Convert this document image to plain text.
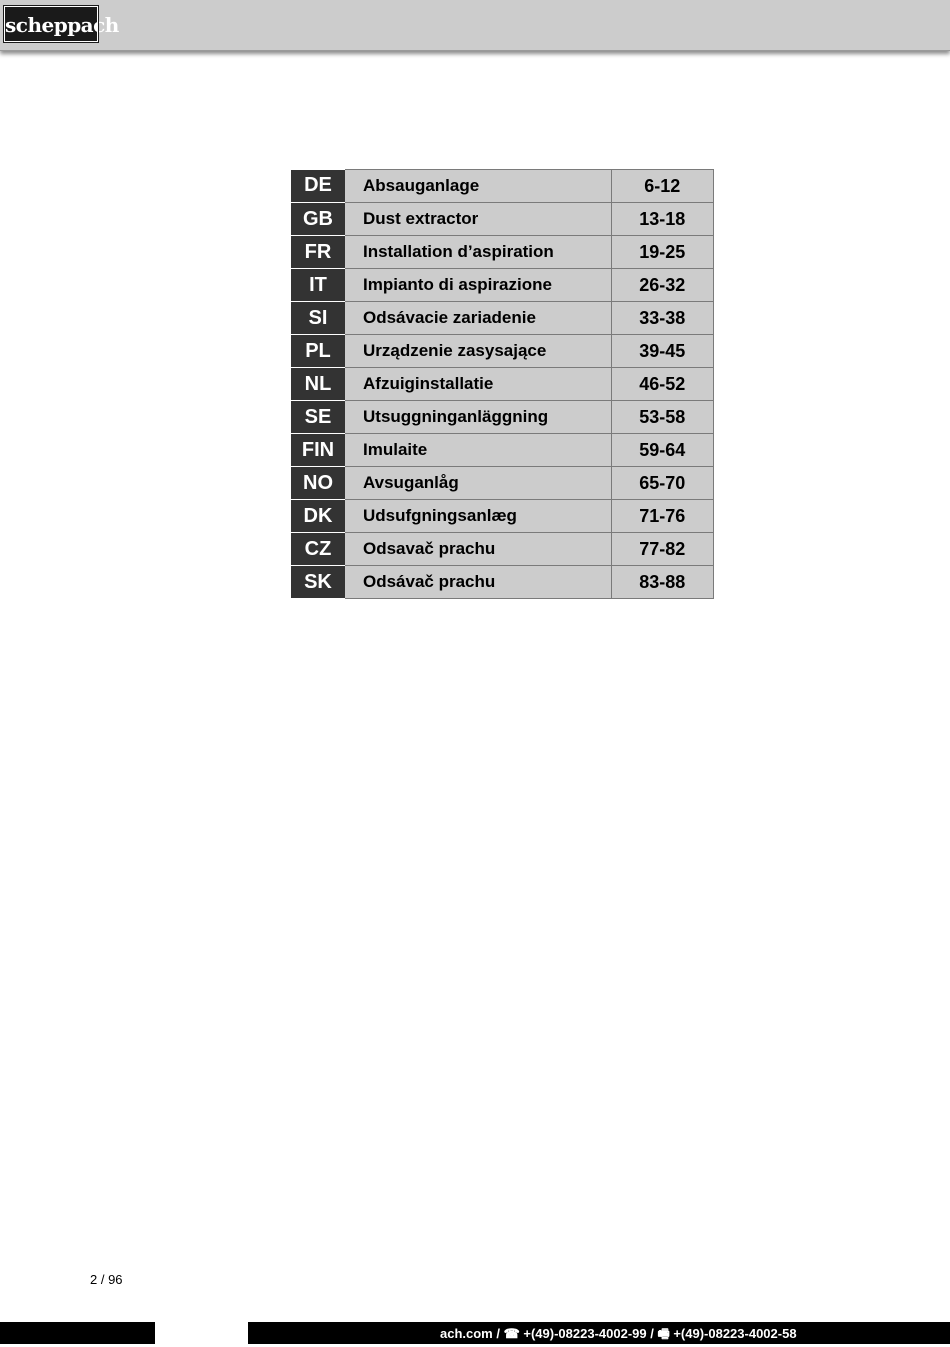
scheppach
DE	Absauganlage	6-12
GB	Dust extractor	13-18
FR	Installation d’aspiration	19-25
IT	Impianto di aspirazione	26-32
SI	Odsávacie zariadenie	33-38
PL	Urządzenie zasysające	39-45
NL	Afzuiginstallatie	46-52
SE	Utsuggninganläggning	53-58
FIN	Imulaite	59-64
NO	Avsuganlåg	65-70
DK	Udsufgningsanlæg	71-76
CZ	Odsavač prachu	77-82
SK	Odsávač prachu	83-88
2 / 96
ach.com / ☎ +(49)-08223-4002-99 / 🖷 +(49)-08223-4002-58
